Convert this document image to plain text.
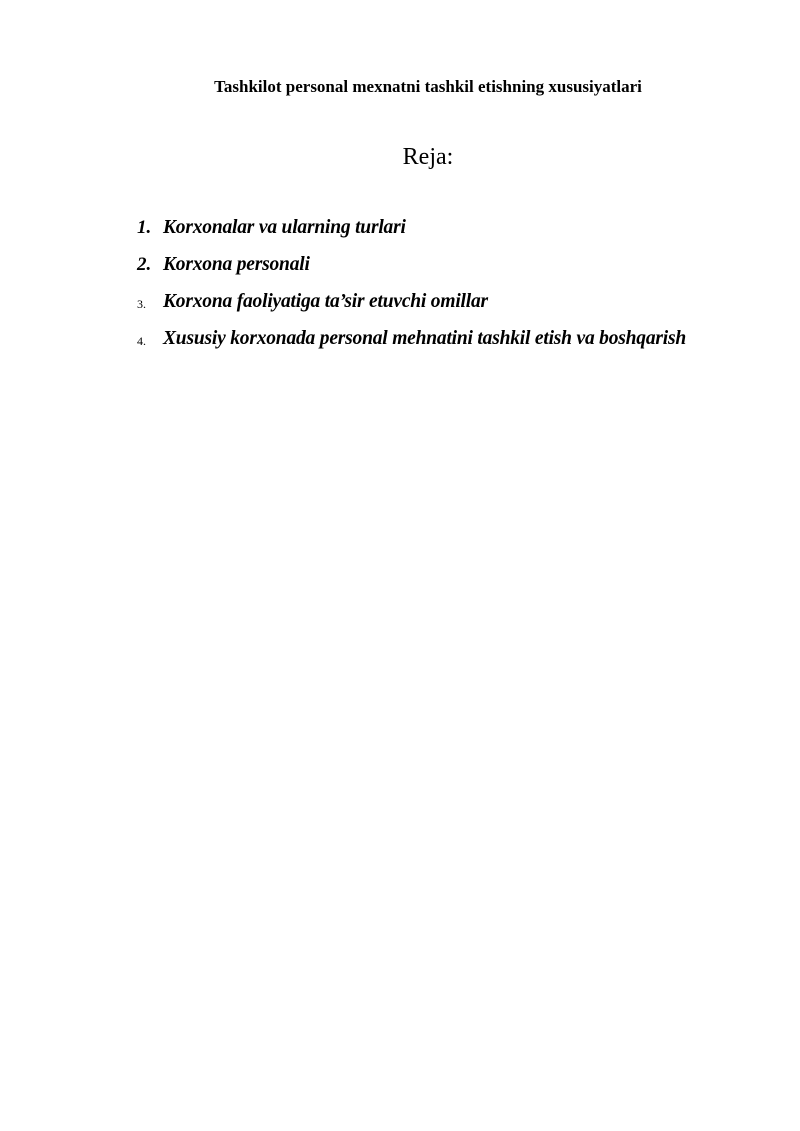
Tashkilot personal mexnatni tashkil etishning xususiyatlari
Reja:
1. Korxonalar va ularning turlari
2. Korxona personali
3. Korxona faoliyatiga ta’sir etuvchi omillar
4. Xususiy korxonada personal mehnatini tashkil etish va boshqarish
